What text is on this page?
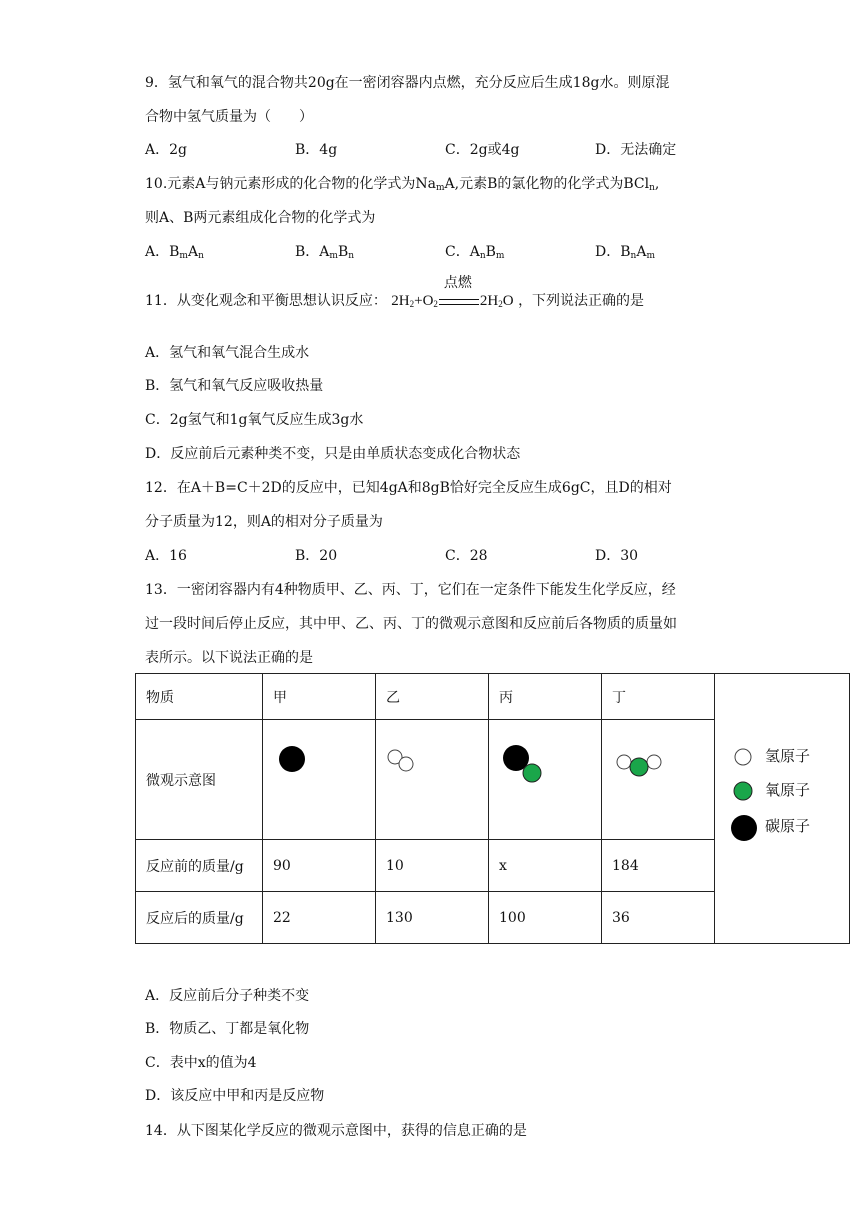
9．氢气和氧气的混合物共20g在一密闭容器内点燃，充分反应后生成18g水。则原混
合物中氢气质量为（　　）
A．2g	B．4g	C．2g或4g	D．无法确定
10.元素A与钠元素形成的化合物的化学式为$Na_mA$,元素B的氯化物的化学式为BCl$_n$,
则A、B两元素组成化合物的化学式为
A．$B_mA_n$	B．$A_mB_n$	C．$A_nB_m$	D．$B_nA_m$
11．从变化观念和平衡思想认识反应： $2H_2+O_2$
点燃
$2H_2O$ ，下列说法正确的是
A．氢气和氧气混合生成水
B．氢气和氧气反应吸收热量
C．2g氢气和1g氧气反应生成3g水
D．反应前后元素种类不变，只是由单质状态变成化合物状态
12．在A＋B=C＋2D的反应中，已知4gA和8gB恰好完全反应生成6gC，且D的相对
分子质量为12，则A的相对分子质量为
A．16	B．20	C．28	D．30
13．一密闭容器内有4种物质甲、乙、丙、丁，它们在一定条件下能发生化学反应，经
过一段时间后停止反应，其中甲、乙、丙、丁的微观示意图和反应前后各物质的质量如
表所示。以下说法正确的是
物质	甲	乙	丙	丁	
微观示意图				
反应前的质量/g	90	10	x	184	
反应后的质量/g	22	130	100	36	
氢原子
氧原子
碳原子
A．反应前后分子种类不变
B．物质乙、丁都是氧化物
C．表中x的值为4
D．该反应中甲和丙是反应物
14．从下图某化学反应的微观示意图中，获得的信息正确的是
